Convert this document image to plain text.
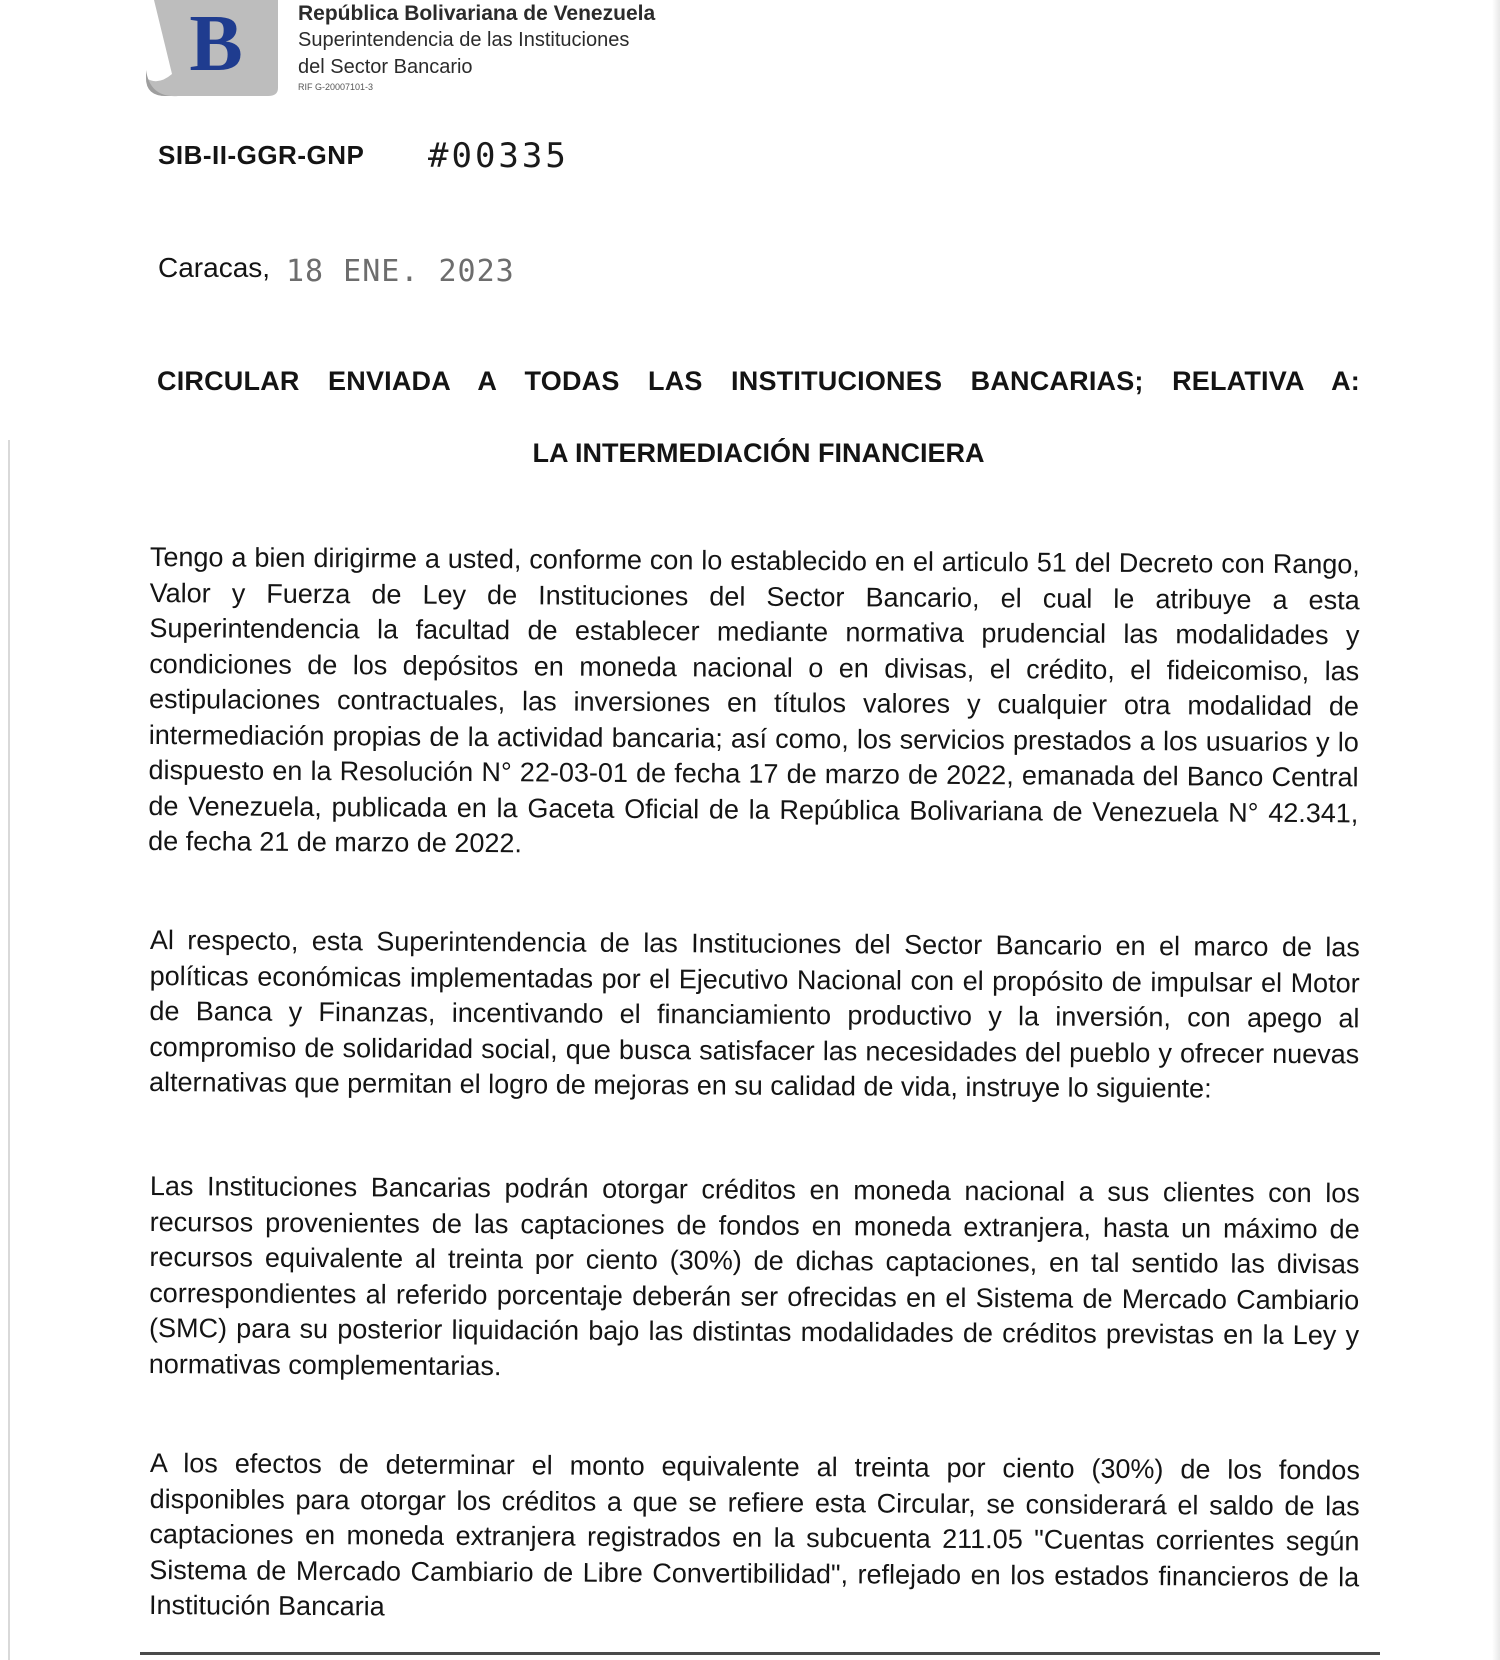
B	República Bolivariana de Venezuela
Superintendencia de las Instituciones
del Sector Bancario
RIF G-20007101-3
SIB-II-GGR-GNP #00335
Caracas, 18 ENE. 2023
CIRCULAR ENVIADA A TODAS LAS INSTITUCIONES BANCARIAS; RELATIVA A:
LA INTERMEDIACIÓN FINANCIERA
Tengo a bien dirigirme a usted, conforme con lo establecido en el articulo 51 del Decreto con Rango, Valor y Fuerza de Ley de Instituciones del Sector Bancario, el cual le atribuye a esta Superintendencia la facultad de establecer mediante normativa prudencial las modalidades y condiciones de los depósitos en moneda nacional o en divisas, el crédito, el fideicomiso, las estipulaciones contractuales, las inversiones en títulos valores y cualquier otra modalidad de intermediación propias de la actividad bancaria; así como, los servicios prestados a los usuarios y lo dispuesto en la Resolución N° 22-03-01 de fecha 17 de marzo de 2022, emanada del Banco Central de Venezuela, publicada en la Gaceta Oficial de la República Bolivariana de Venezuela N° 42.341, de fecha 21 de marzo de 2022.
Al respecto, esta Superintendencia de las Instituciones del Sector Bancario en el marco de las políticas económicas implementadas por el Ejecutivo Nacional con el propósito de impulsar el Motor de Banca y Finanzas, incentivando el financiamiento productivo y la inversión, con apego al compromiso de solidaridad social, que busca satisfacer las necesidades del pueblo y ofrecer nuevas alternativas que permitan el logro de mejoras en su calidad de vida, instruye lo siguiente:
Las Instituciones Bancarias podrán otorgar créditos en moneda nacional a sus clientes con los recursos provenientes de las captaciones de fondos en moneda extranjera, hasta un máximo de recursos equivalente al treinta por ciento (30%) de dichas captaciones, en tal sentido las divisas correspondientes al referido porcentaje deberán ser ofrecidas en el Sistema de Mercado Cambiario (SMC) para su posterior liquidación bajo las distintas modalidades de créditos previstas en la Ley y normativas complementarias.
A los efectos de determinar el monto equivalente al treinta por ciento (30%) de los fondos disponibles para otorgar los créditos a que se refiere esta Circular, se considerará el saldo de las captaciones en moneda extranjera registrados en la subcuenta 211.05 "Cuentas corrientes según Sistema de Mercado Cambiario de Libre Convertibilidad", reflejado en los estados financieros de la Institución Bancaria
